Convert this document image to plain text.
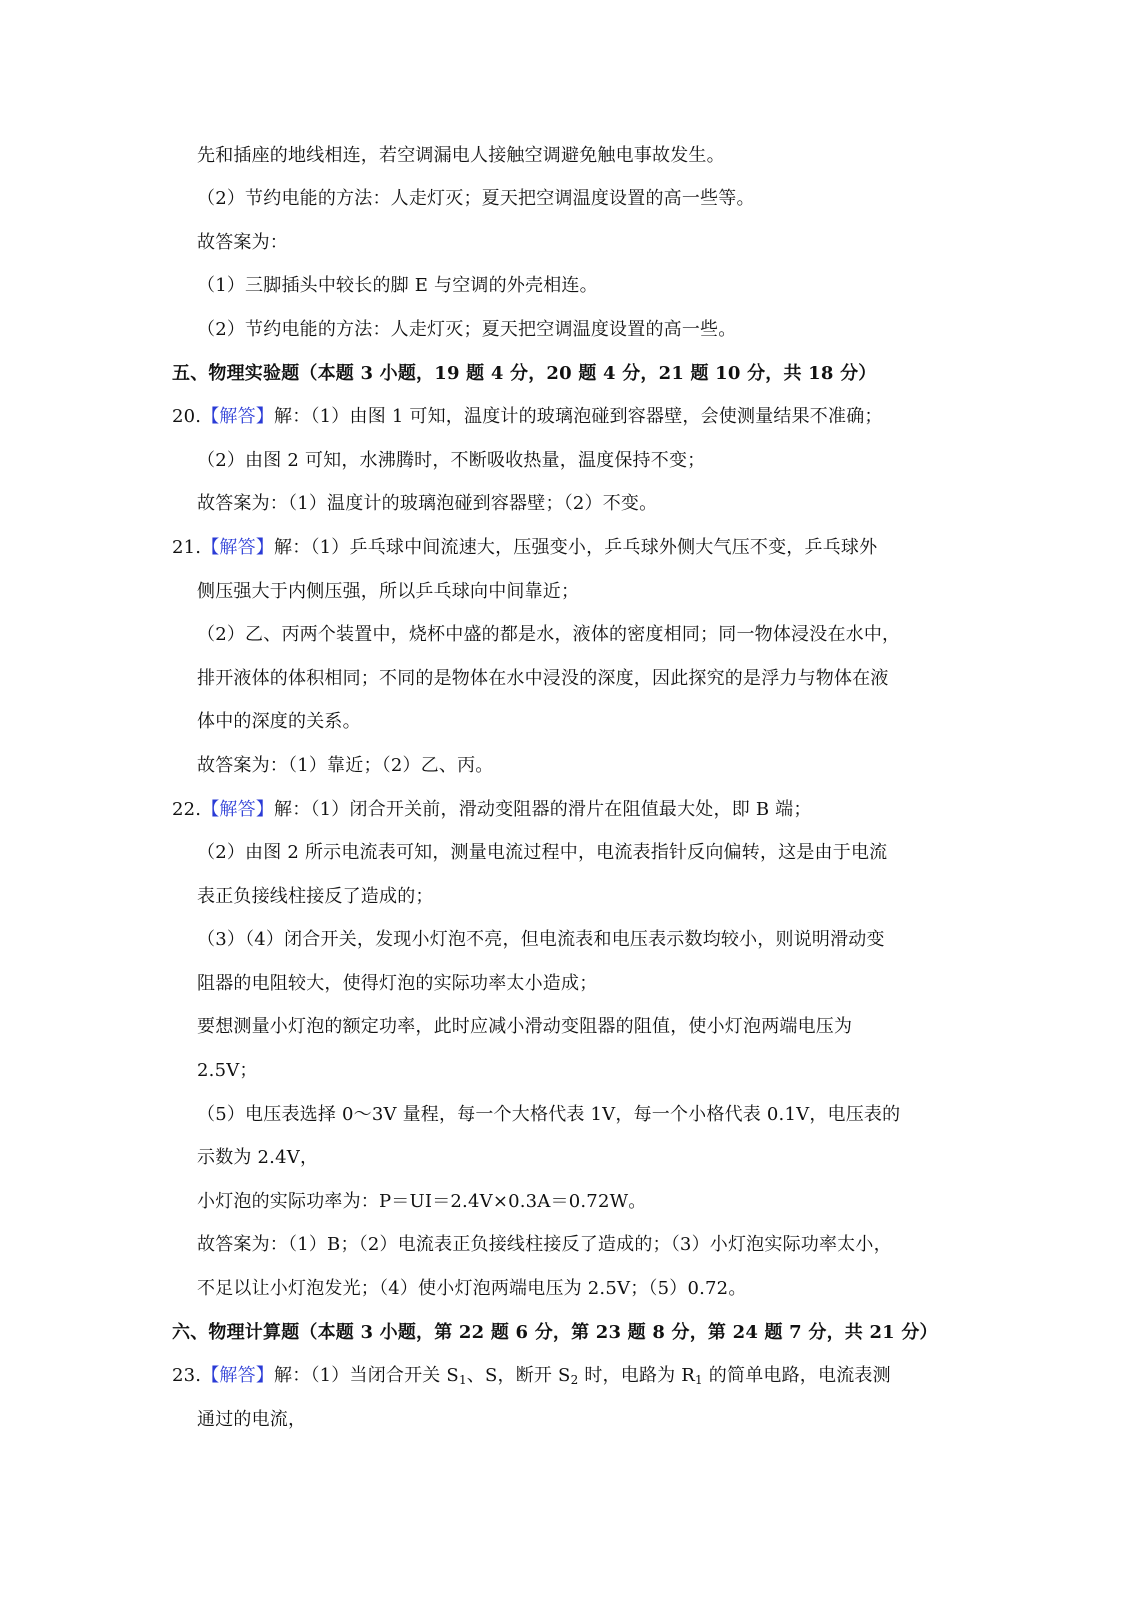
先和插座的地线相连，若空调漏电人接触空调避免触电事故发生。
（2）节约电能的方法：人走灯灭；夏天把空调温度设置的高一些等。
故答案为：
（1）三脚插头中较长的脚 E 与空调的外壳相连。
（2）节约电能的方法：人走灯灭；夏天把空调温度设置的高一些。
五、物理实验题（本题 3 小题，19 题 4 分，20 题 4 分，21 题 10 分，共 18 分）
20.【解答】解：（1）由图 1 可知，温度计的玻璃泡碰到容器壁，会使测量结果不准确；
（2）由图 2 可知，水沸腾时，不断吸收热量，温度保持不变；
故答案为：（1）温度计的玻璃泡碰到容器壁；（2）不变。
21.【解答】解：（1）乒乓球中间流速大，压强变小，乒乓球外侧大气压不变，乒乓球外
侧压强大于内侧压强，所以乒乓球向中间靠近；
（2）乙、丙两个装置中，烧杯中盛的都是水，液体的密度相同；同一物体浸没在水中，
排开液体的体积相同；不同的是物体在水中浸没的深度，因此探究的是浮力与物体在液
体中的深度的关系。
故答案为：（1）靠近；（2）乙、丙。
22.【解答】解：（1）闭合开关前，滑动变阻器的滑片在阻值最大处，即 B 端；
（2）由图 2 所示电流表可知，测量电流过程中，电流表指针反向偏转，这是由于电流
表正负接线柱接反了造成的；
（3）（4）闭合开关，发现小灯泡不亮，但电流表和电压表示数均较小，则说明滑动变
阻器的电阻较大，使得灯泡的实际功率太小造成；
要想测量小灯泡的额定功率，此时应减小滑动变阻器的阻值，使小灯泡两端电压为
2.5V；
（5）电压表选择 0～3V 量程，每一个大格代表 1V，每一个小格代表 0.1V，电压表的
示数为 2.4V，
小灯泡的实际功率为：P＝UI＝2.4V×0.3A＝0.72W。
故答案为：（1）B；（2）电流表正负接线柱接反了造成的；（3）小灯泡实际功率太小，
不足以让小灯泡发光；（4）使小灯泡两端电压为 2.5V；（5）0.72。
六、物理计算题（本题 3 小题，第 22 题 6 分，第 23 题 8 分，第 24 题 7 分，共 21 分）
23.【解答】解：（1）当闭合开关 $S_1$、S，断开 $S_2$ 时，电路为 $R_1$ 的简单电路，电流表测
通过的电流，
